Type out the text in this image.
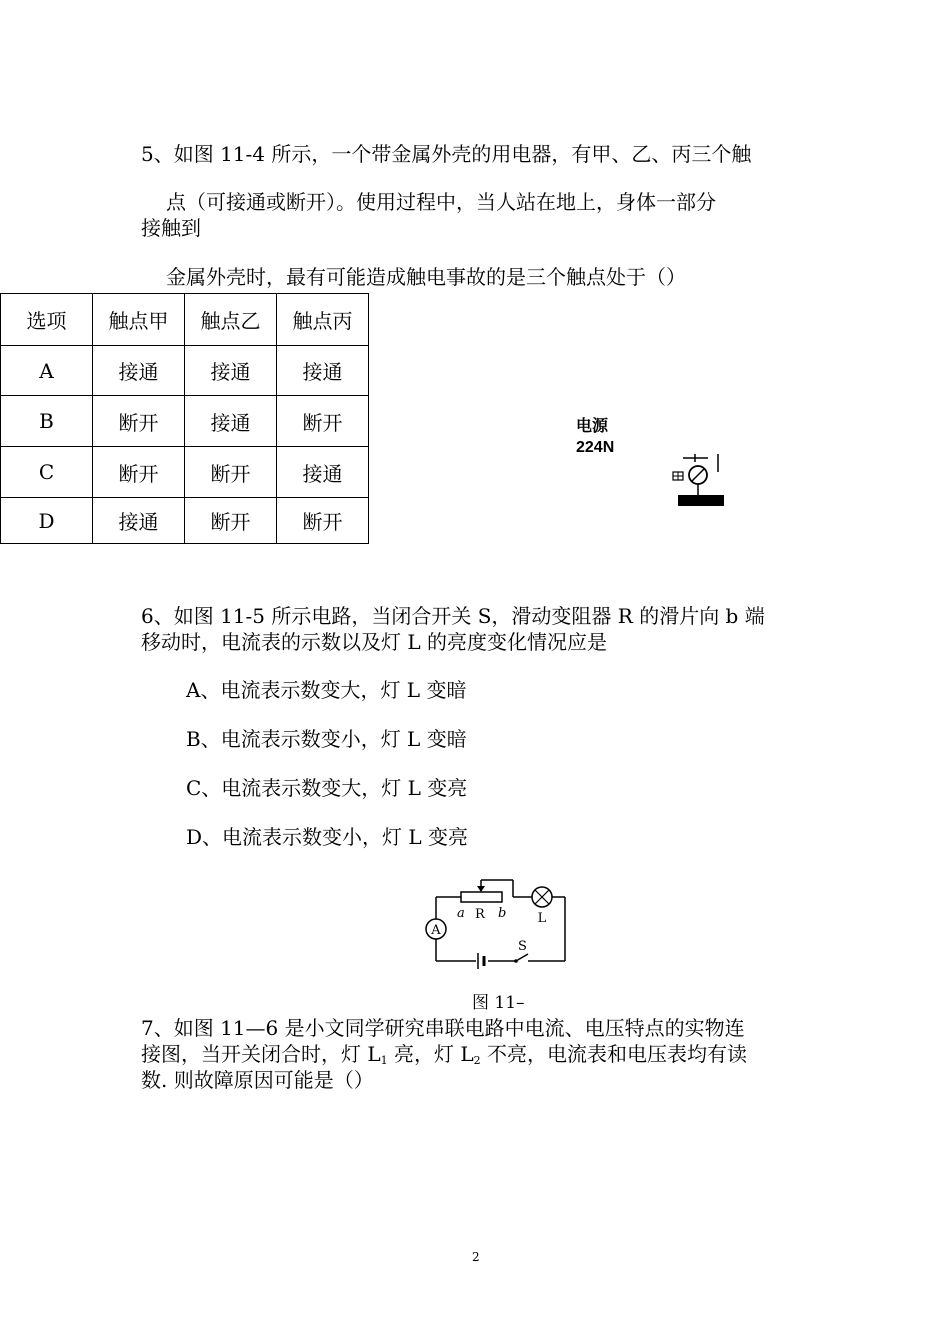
5、如图 11-4 所示，一个带金属外壳的用电器，有甲、乙、丙三个触
点（可接通或断开）。使用过程中，当人站在地上，身体一部分
接触到
金属外壳时，最有可能造成触电事故的是三个触点处于（）
选项	触点甲	触点乙	触点丙
A	接通	接通	接通
B	断开	接通	断开
C	断开	断开	接通
D	接通	断开	断开
电源
224N
6、如图 11-5 所示电路，当闭合开关 S，滑动变阻器 R 的滑片向 b 端
移动时，电流表的示数以及灯 L 的亮度变化情况应是
A、电流表示数变大，灯 L 变暗
B、电流表示数变小，灯 L 变暗
C、电流表示数变大，灯 L 变亮
D、电流表示数变小，灯 L 变亮
A
L
a R b
S
图 11–
7、如图 11—6 是小文同学研究串联电路中电流、电压特点的实物连
接图，当开关闭合时，灯 $L_1$ 亮，灯 $L_2$ 不亮，电流表和电压表均有读
数. 则故障原因可能是（）
2
